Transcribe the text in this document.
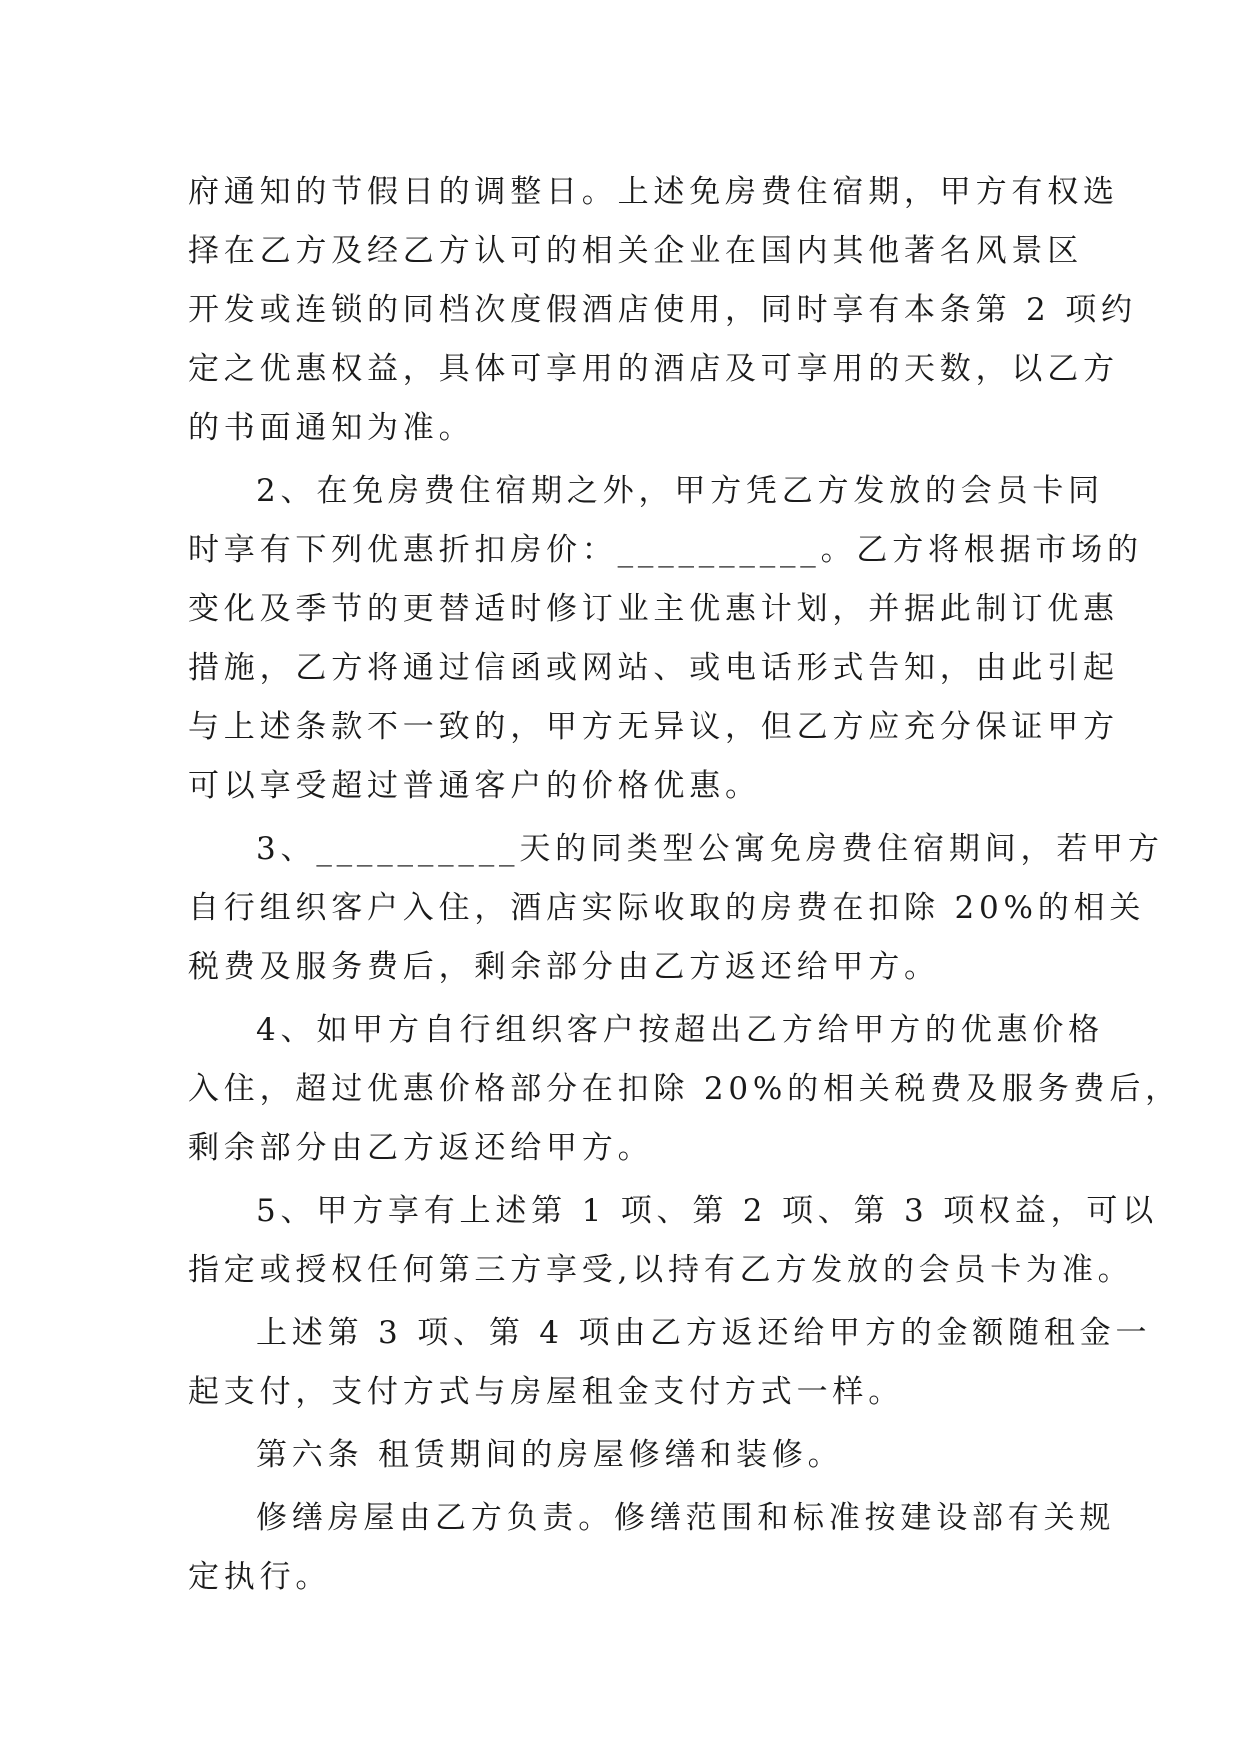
府通知的节假日的调整日。上述免房费住宿期，甲方有权选
择在乙方及经乙方认可的相关企业在国内其他著名风景区
开发或连锁的同档次度假酒店使用，同时享有本条第 2 项约
定之优惠权益，具体可享用的酒店及可享用的天数，以乙方
的书面通知为准。
2、在免房费住宿期之外，甲方凭乙方发放的会员卡同
时享有下列优惠折扣房价：__________。乙方将根据市场的
变化及季节的更替适时修订业主优惠计划，并据此制订优惠
措施，乙方将通过信函或网站、或电话形式告知，由此引起
与上述条款不一致的，甲方无异议，但乙方应充分保证甲方
可以享受超过普通客户的价格优惠。
3、__________天的同类型公寓免房费住宿期间，若甲方
自行组织客户入住，酒店实际收取的房费在扣除 20%的相关
税费及服务费后，剩余部分由乙方返还给甲方。
4、如甲方自行组织客户按超出乙方给甲方的优惠价格
入住，超过优惠价格部分在扣除 20%的相关税费及服务费后，
剩余部分由乙方返还给甲方。
5、甲方享有上述第 1 项、第 2 项、第 3 项权益，可以
指定或授权任何第三方享受,以持有乙方发放的会员卡为准。
上述第 3 项、第 4 项由乙方返还给甲方的金额随租金一
起支付，支付方式与房屋租金支付方式一样。
第六条 租赁期间的房屋修缮和装修。
修缮房屋由乙方负责。修缮范围和标准按建设部有关规
定执行。
